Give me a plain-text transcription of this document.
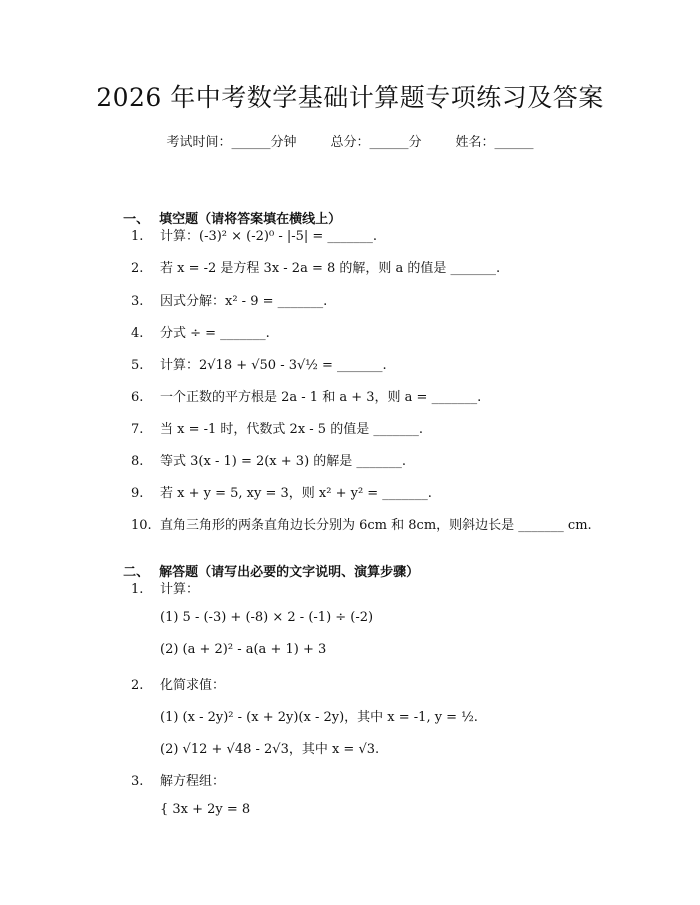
2026 年中考数学基础计算题专项练习及答案
考试时间：______分钟	总分：______分	姓名：______

一、 填空题（请将答案填在横线上）

1. 计算：(-3)² × (-2)⁰ - |-5| = _______.
2. 若 x = -2 是方程 3x - 2a = 8 的解，则 a 的值是 _______.
3. 因式分解：x² - 9 = _______.
4. 分式 ÷ = _______.
5. 计算：2√18 + √50 - 3√½ = _______.
6. 一个正数的平方根是 2a - 1 和 a + 3，则 a = _______.
7. 当 x = -1 时，代数式 2x - 5 的值是 _______.
8. 等式 3(x - 1) = 2(x + 3) 的解是 _______.
9. 若 x + y = 5, xy = 3，则 x² + y² = _______.
10. 直角三角形的两条直角边长分别为 6cm 和 8cm，则斜边长是 _______ cm.

二、 解答题（请写出必要的文字说明、演算步骤）

1. 计算：
(1) 5 - (-3) + (-8) × 2 - (-1) ÷ (-2)
(2) (a + 2)² - a(a + 1) + 3
2. 化简求值：
(1) (x - 2y)² - (x + 2y)(x - 2y)，其中 x = -1, y = ½.
(2) √12 + √48 - 2√3，其中 x = √3.
3. 解方程组：
{ 3x + 2y = 8
